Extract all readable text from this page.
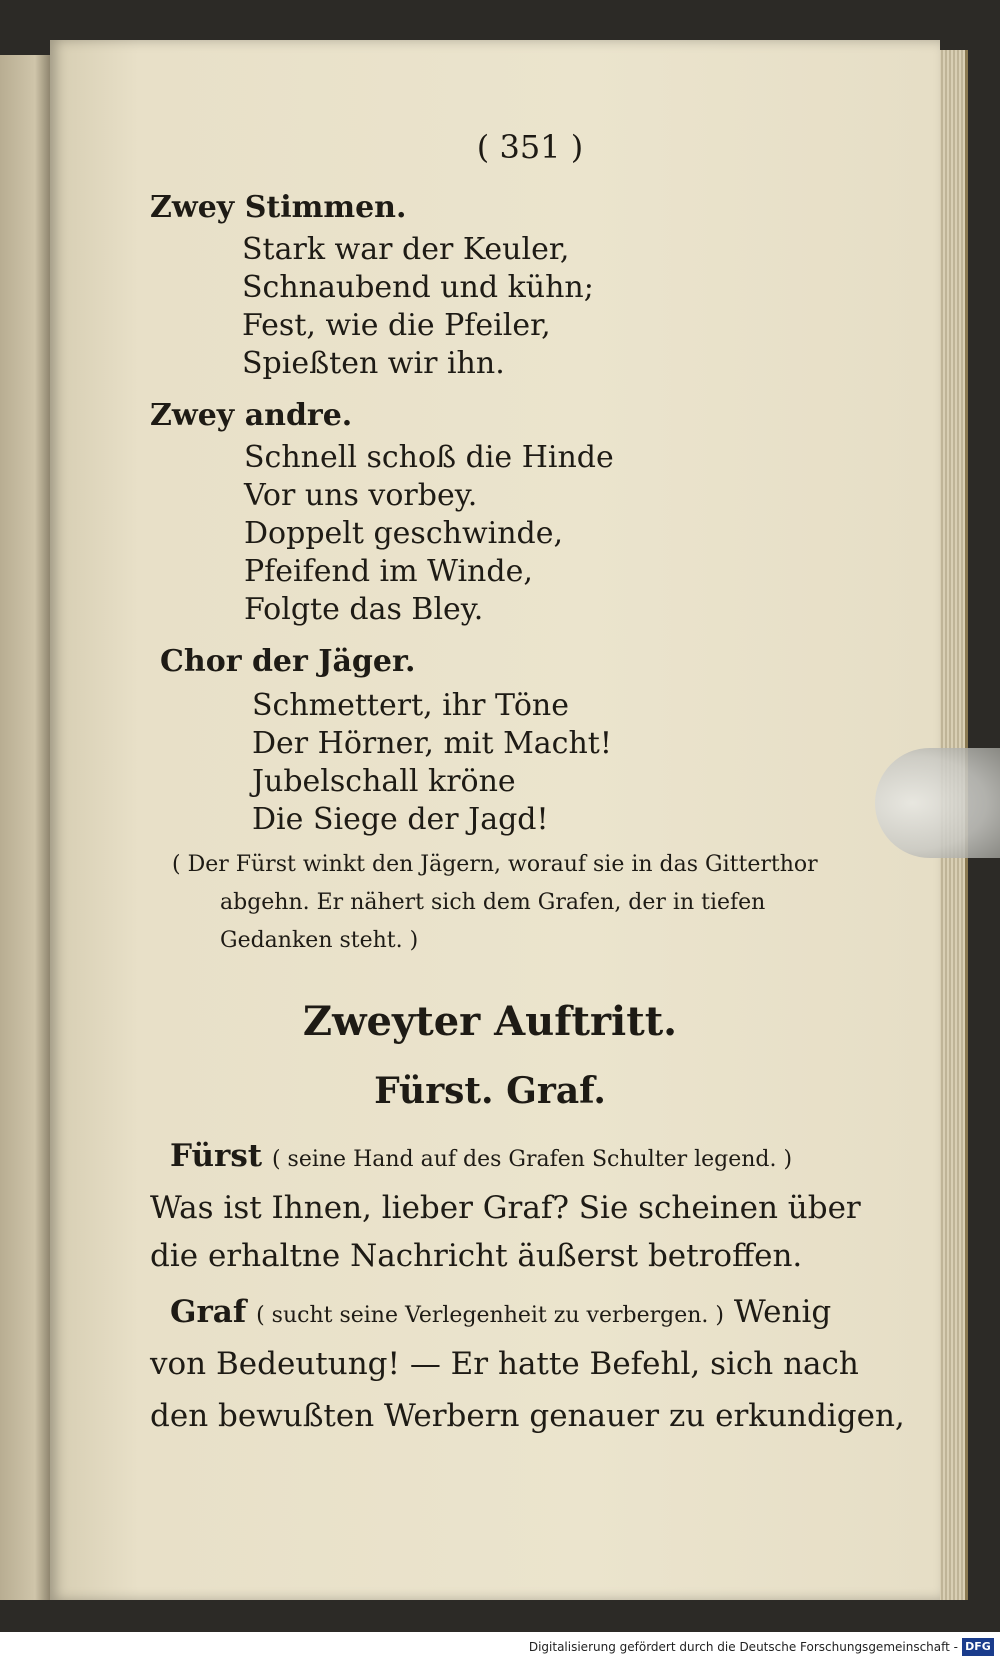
( 351 )
Zwey Stimmen.
Stark war der Keuler,
Schnaubend und kühn;
Fest, wie die Pfeiler,
Spießten wir ihn.
Zwey andre.
Schnell schoß die Hinde
Vor uns vorbey.
Doppelt geschwinde,
Pfeifend im Winde,
Folgte das Bley.
Chor der Jäger.
Schmettert, ihr Töne
Der Hörner, mit Macht!
Jubelschall kröne
Die Siege der Jagd!
( Der Fürst winkt den Jägern, worauf sie in das Gitterthor
abgehn. Er nähert sich dem Grafen, der in tiefen
Gedanken steht. )
Zweyter Auftritt.
Fürst. Graf.
Fürst ( seine Hand auf des Grafen Schulter legend. )
Was ist Ihnen, lieber Graf? Sie scheinen über
die erhaltne Nachricht äußerst betroffen.
Graf ( sucht seine Verlegenheit zu verbergen. ) Wenig
von Bedeutung! — Er hatte Befehl, sich nach
den bewußten Werbern genauer zu erkundigen,
Digitalisierung gefördert durch die Deutsche Forschungsgemeinschaft - DFG
